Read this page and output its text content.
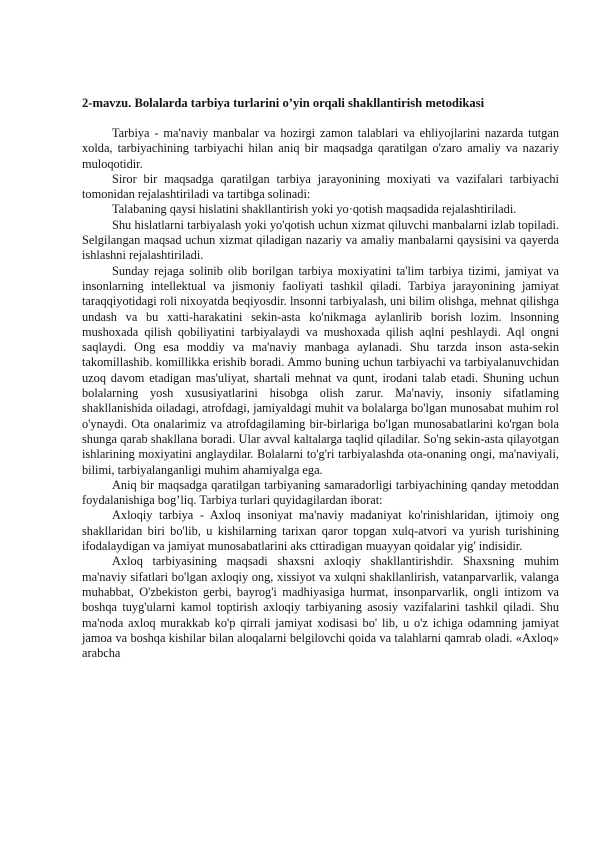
2-mavzu. Bolalarda tarbiya turlarini o’yin orqali shakllantirish metodikasi

Tarbiya - ma'naviy manbalar va hozirgi zamon talablari va ehliyojlarini nazarda tutgan xolda, tarbiyachining tarbiyachi hilan aniq bir maqsadga qaratilgan o'zaro amaliy va nazariy muloqotidir.

Siror bir maqsadga qaratilgan tarbiya jarayonining moxiyati va vazifalari tarbiyachi tomonidan rejalashtiriladi va tartibga solinadi:

Talabaning qaysi hislatini shakllantirish yoki yo·qotish maqsadida rejalashtiriladi.

Shu hislatlarni tarbiyalash yoki yo'qotish uchun xizmat qiluvchi manbalarni izlab topiladi. Selgilangan maqsad uchun xizmat qiladigan nazariy va amaliy manbalarni qaysisini va qayerda ishlashni rejalashtiriladi.

Sunday rejaga solinib olib borilgan tarbiya moxiyatini ta'lim tarbiya tizimi, jamiyat va insonlarning intellektual va jismoniy faoliyati tashkil qiladi. Tarbiya jarayonining jamiyat taraqqiyotidagi roli nixoyatda beqiyosdir. lnsonni tarbiyalash, uni bilim olishga, mehnat qilishga undash va bu xatti-harakatini sekin-asta ko'nikmaga aylanlirib borish lozim. lnsonning mushoxada qilish qobiliyatini tarbiyalaydi va mushoxada qilish aqlni peshlaydi. Aql ongni saqlaydi. Ong esa moddiy va ma'naviy manbaga aylanadi. Shu tarzda inson asta-sekin takomillashib. komillikka erishib boradi. Ammo buning uchun tarbiyachi va tarbiyalanuvchidan uzoq davom etadigan mas'uliyat, shartali mehnat va qunt, irodani talab etadi. Shuning uchun bolalarning yosh xususiyatlarini hisobga olish zarur. Ma'naviy, insoniy sifatlaming shakllanishida oiladagi, atrofdagi, jamiyaldagi muhit va bolalarga bo'lgan munosabat muhim rol o'ynaydi. Ota onalarimiz va atrofdagilaming bir-birlariga bo'lgan munosabatlarini ko'rgan bola shunga qarab shakllana boradi. Ular avval kaltalarga taqlid qiladilar. So'ng sekin-asta qilayotgan ishlarining moxiyatini anglaydilar. Bolalarni to'g'ri tarbiyalashda ota-onaning ongi, ma'naviyali, bilimi, tarbiyalanganligi muhim ahamiyalga ega.

Aniq bir maqsadga qaratilgan tarbiyaning samaradorligi tarbiyachining qanday metoddan foydalanishiga bog’liq. Tarbiya turlari quyidagilardan iborat:

Axloqiy tarbiya - Axloq insoniyat ma'naviy madaniyat ko'rinishlaridan, ijtimoiy ong shakllaridan biri bo'lib, u kishilarning tarixan qaror topgan xulq-atvori va yurish turishining ifodalaydigan va jamiyat munosabatlarini aks cttiradigan muayyan qoidalar yig' indisidir.

Axloq tarbiyasining maqsadi shaxsni axloqiy shakllantirishdir. Shaxsning muhim ma'naviy sifatlari bo'lgan axloqiy ong, xissiyot va xulqni shakllanlirish, vatanparvarlik, valanga muhabbat, O'zbekiston gerbi, bayrog'i madhiyasiga hurmat, insonparvarlik, ongli intizom va boshqa tuyg'ularni kamol toptirish axloqiy tarbiyaning asosiy vazifalarini tashkil qiladi. Shu ma'noda axloq murakkab ko'p qirrali jamiyat xodisasi bo' lib, u o'z ichiga odamning jamiyat jamoa va boshqa kishilar bilan aloqalarni belgilovchi qoida va talahlarni qamrab oladi. «Axloq» arabcha
